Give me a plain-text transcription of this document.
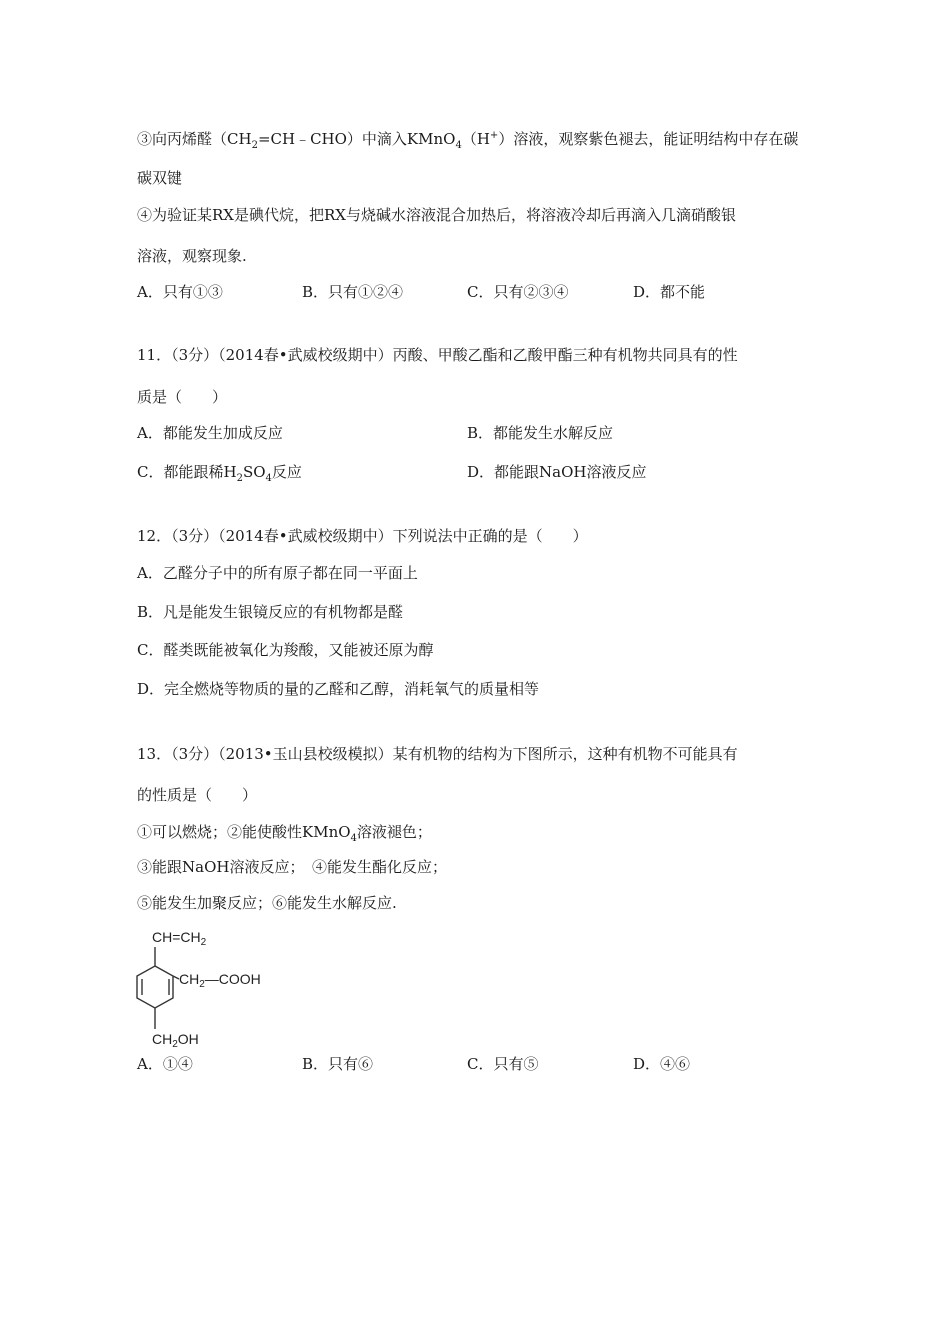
③向丙烯醛$(CH_2=CH﹣CHO)$中滴入KMnO$_4$（H+）溶液，观察紫色褪去，能证明结构中存在碳
碳双键
④为验证某RX是碘代烷，把RX与烧碱水溶液混合加热后，将溶液冷却后再滴入几滴硝酸银
溶液，观察现象.
A．只有①③	B．只有①②④	C．只有②③④	D．都不能
11．（3分）（2014春•武威校级期中）丙酸、甲酸乙酯和乙酸甲酯三种有机物共同具有的性
质是（　　）
A．都能发生加成反应	B．都能发生水解反应
C．都能跟稀$H_2SO_4$反应	D．都能跟NaOH溶液反应
12．（3分）（2014春•武威校级期中）下列说法中正确的是（　　）
A．乙醛分子中的所有原子都在同一平面上
B．凡是能发生银镜反应的有机物都是醛
C．醛类既能被氧化为羧酸，又能被还原为醇
D．完全燃烧等物质的量的乙醛和乙醇，消耗氧气的质量相等
13．（3分）（2013•玉山县校级模拟）某有机物的结构为下图所示，这种有机物不可能具有
的性质是（　　）
①可以燃烧；②能使酸性KMnO$_4$溶液褪色；
③能跟NaOH溶液反应；　④能发生酯化反应；
⑤能发生加聚反应；⑥能发生水解反应.
$CH=CH_2$
$CH_2—COOH$
$CH_2OH$
A．①④	B．只有⑥	C．只有⑤	D．④⑥
